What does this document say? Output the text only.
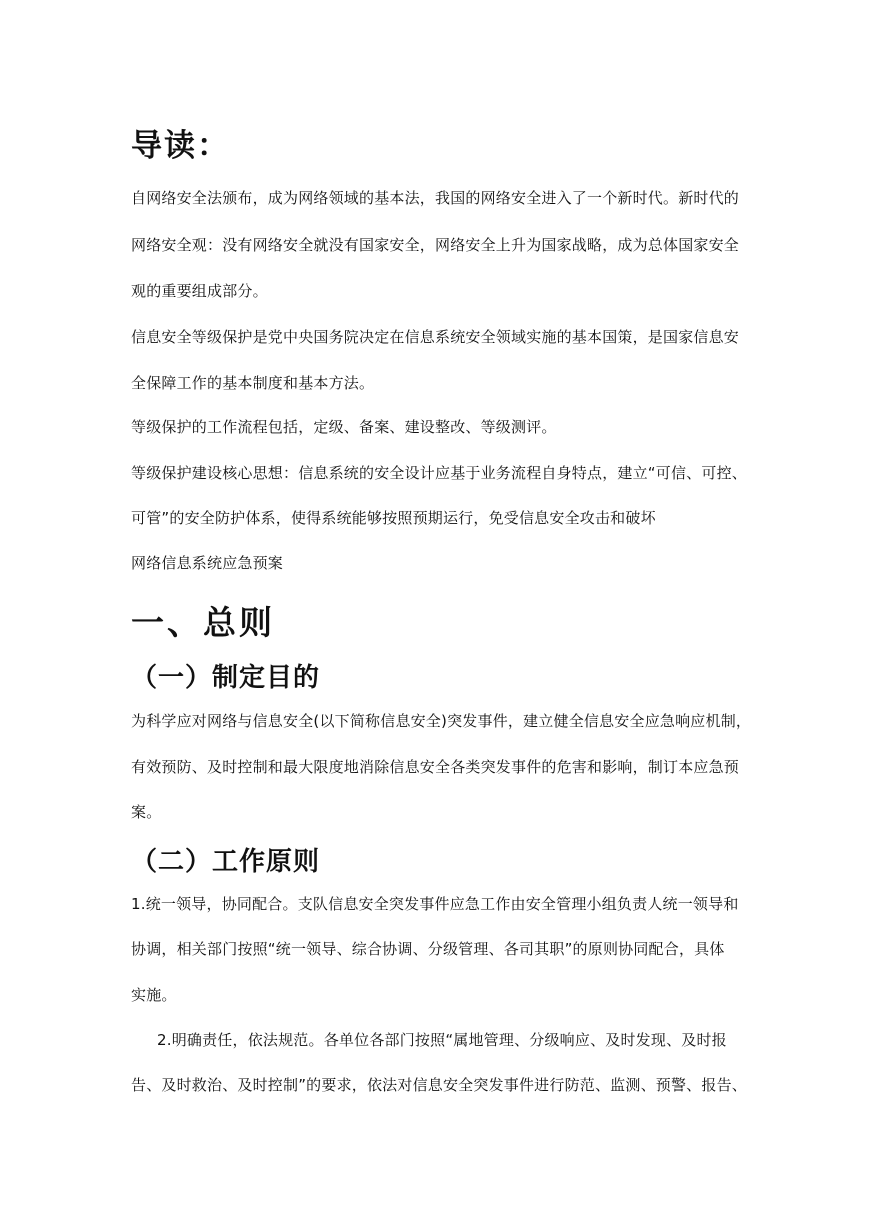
导读：

自网络安全法颁布，成为网络领域的基本法，我国的网络安全进入了一个新时代。新时代的

网络安全观：没有网络安全就没有国家安全，网络安全上升为国家战略，成为总体国家安全

观的重要组成部分。

信息安全等级保护是党中央国务院决定在信息系统安全领域实施的基本国策，是国家信息安

全保障工作的基本制度和基本方法。

等级保护的工作流程包括，定级、备案、建设整改、等级测评。

等级保护建设核心思想：信息系统的安全设计应基于业务流程自身特点，建立“可信、可控、

可管”的安全防护体系，使得系统能够按照预期运行，免受信息安全攻击和破坏

网络信息系统应急预案

一、总则
（一）制定目的

为科学应对网络与信息安全(以下简称信息安全)突发事件，建立健全信息安全应急响应机制，

有效预防、及时控制和最大限度地消除信息安全各类突发事件的危害和影响，制订本应急预

案。

（二）工作原则

1.统一领导，协同配合。支队信息安全突发事件应急工作由安全管理小组负责人统一领导和

协调，相关部门按照“统一领导、综合协调、分级管理、各司其职”的原则协同配合，具体

实施。

2.明确责任，依法规范。各单位各部门按照“属地管理、分级响应、及时发现、及时报

告、及时救治、及时控制”的要求，依法对信息安全突发事件进行防范、监测、预警、报告、
